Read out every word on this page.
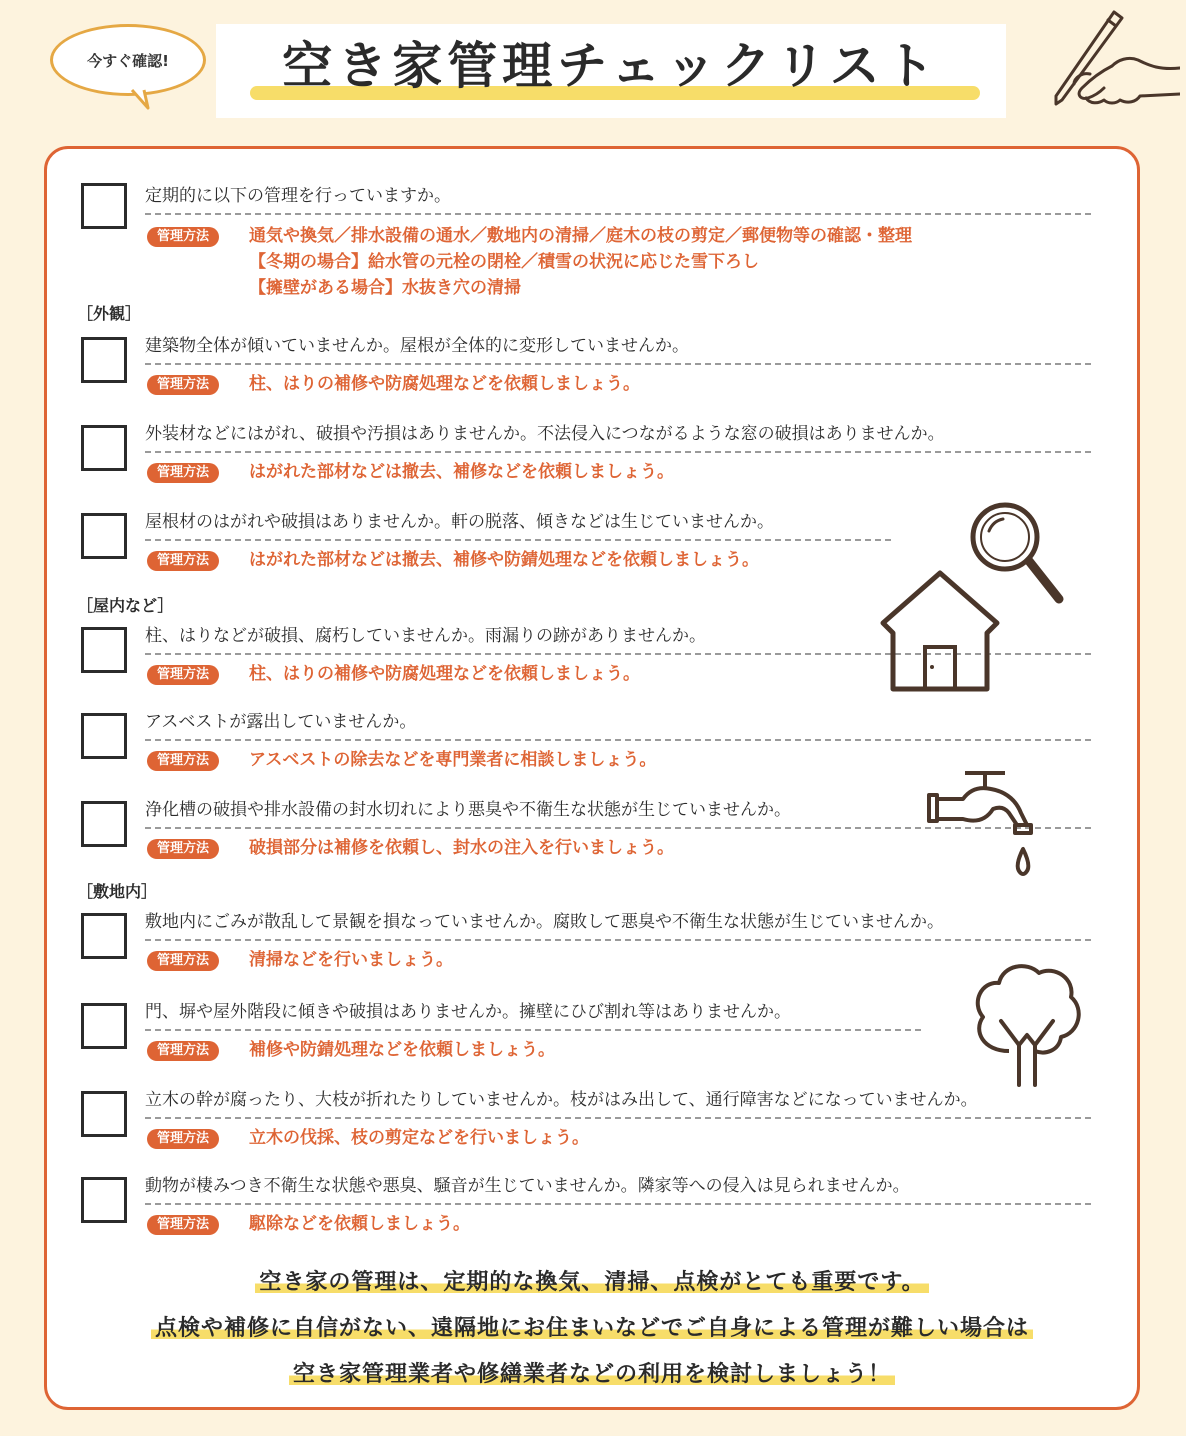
今すぐ確認!	空き家管理チェックリスト
定期的に以下の管理を行っていますか。
管理方法 通気や換気／排水設備の通水／敷地内の清掃／庭木の枝の剪定／郵便物等の確認・整理
【冬期の場合】給水管の元栓の閉栓／積雪の状況に応じた雪下ろし
【擁壁がある場合】水抜き穴の清掃
［外観］
建築物全体が傾いていませんか。屋根が全体的に変形していませんか。
管理方法 柱、はりの補修や防腐処理などを依頼しましょう。
外装材などにはがれ、破損や汚損はありませんか。不法侵入につながるような窓の破損はありませんか。
管理方法 はがれた部材などは撤去、補修などを依頼しましょう。
屋根材のはがれや破損はありませんか。軒の脱落、傾きなどは生じていませんか。
管理方法 はがれた部材などは撤去、補修や防錆処理などを依頼しましょう。
［屋内など］
柱、はりなどが破損、腐朽していませんか。雨漏りの跡がありませんか。
管理方法 柱、はりの補修や防腐処理などを依頼しましょう。
アスベストが露出していませんか。
管理方法 アスベストの除去などを専門業者に相談しましょう。
浄化槽の破損や排水設備の封水切れにより悪臭や不衛生な状態が生じていませんか。
管理方法 破損部分は補修を依頼し、封水の注入を行いましょう。
［敷地内］
敷地内にごみが散乱して景観を損なっていませんか。腐敗して悪臭や不衛生な状態が生じていませんか。
管理方法 清掃などを行いましょう。
門、塀や屋外階段に傾きや破損はありませんか。擁壁にひび割れ等はありませんか。
管理方法 補修や防錆処理などを依頼しましょう。
立木の幹が腐ったり、大枝が折れたりしていませんか。枝がはみ出して、通行障害などになっていませんか。
管理方法 立木の伐採、枝の剪定などを行いましょう。
動物が棲みつき不衛生な状態や悪臭、騒音が生じていませんか。隣家等への侵入は見られませんか。
管理方法 駆除などを依頼しましょう。
空き家の管理は、定期的な換気、清掃、点検がとても重要です。
点検や補修に自信がない、遠隔地にお住まいなどでご自身による管理が難しい場合は
空き家管理業者や修繕業者などの利用を検討しましょう！
